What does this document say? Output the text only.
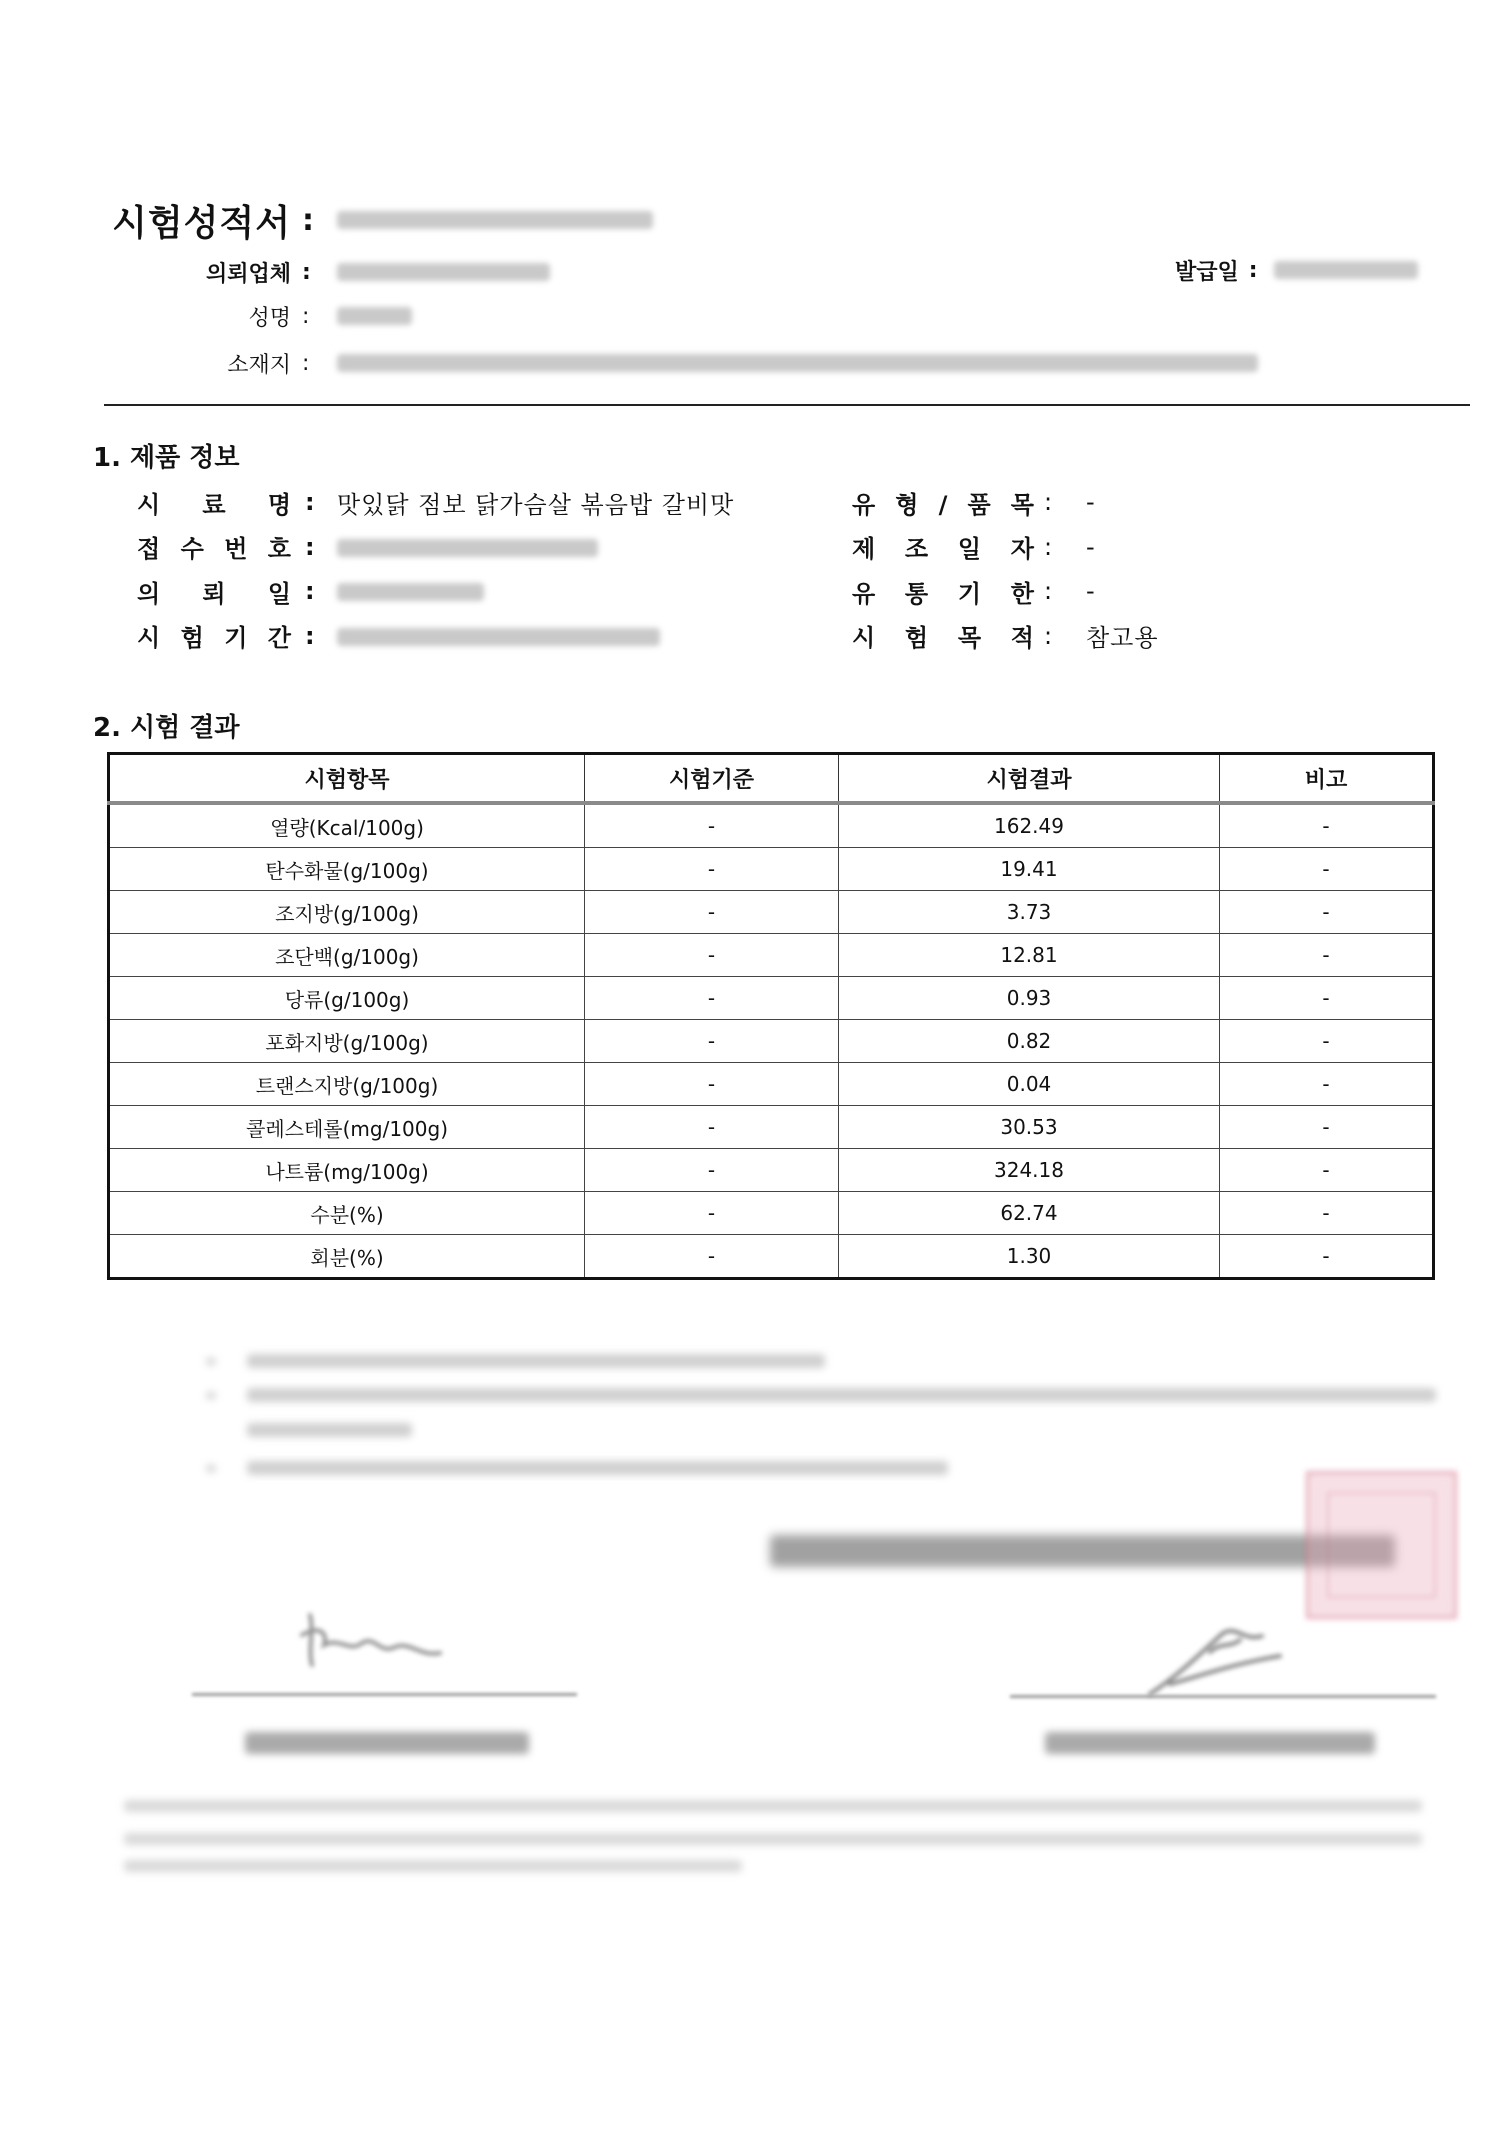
시험성적서 :
의뢰업체 :	발급일 :
성명 :
소재지 :
1. 제품 정보
시 료 명 : 맛있닭 점보 닭가슴살 볶음밥 갈비맛	유 형 / 품 목 :	-
접 수 번 호 :	제 조 일 자 :	-
의 뢰 일 :	유 통 기 한 :	-
시 험 기 간 :	시 험 목 적 :	참고용
2. 시험 결과
시험항목	시험기준	시험결과	비고
열량(Kcal/100g)	-	162.49	-
탄수화물(g/100g)	-	19.41	-
조지방(g/100g)	-	3.73	-
조단백(g/100g)	-	12.81	-
당류(g/100g)	-	0.93	-
포화지방(g/100g)	-	0.82	-
트랜스지방(g/100g)	-	0.04	-
콜레스테롤(mg/100g)	-	30.53	-
나트륨(mg/100g)	-	324.18	-
수분(%)	-	62.74	-
회분(%)	-	1.30	-
